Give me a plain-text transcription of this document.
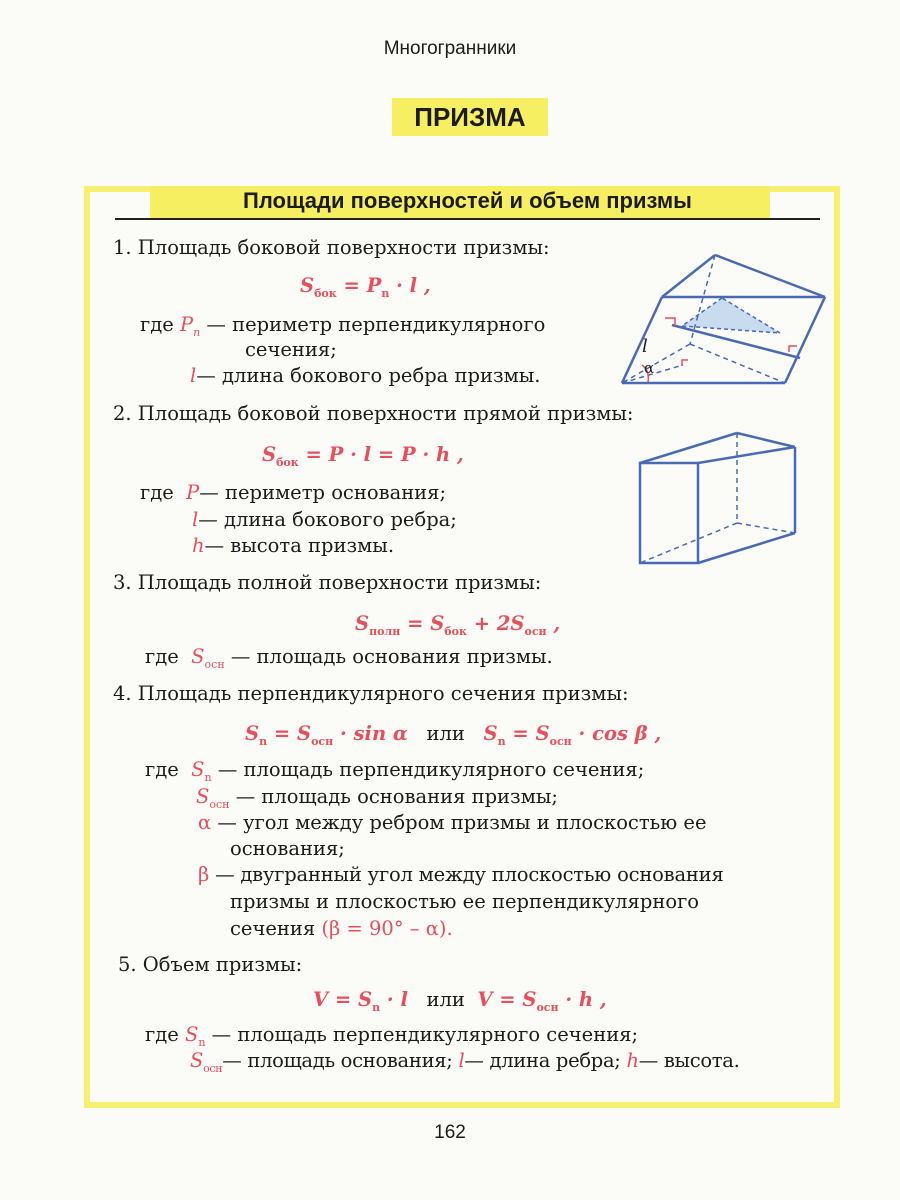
Многогранники
ПРИЗМА
Площади поверхностей и объем призмы
1. Площадь боковой поверхности призмы:
$S_{бок} = P_n \cdot l$ ,
где $P_n$ — периметр перпендикулярного
сечения;
l— длина бокового ребра призмы.
l
α
2. Площадь боковой поверхности прямой призмы:
$S_{бок} = P \cdot l = P \cdot h$ ,
где P— периметр основания;
l— длина бокового ребра;
h— высота призмы.
3. Площадь полной поверхности призмы:
$S_{полн} = S_{бок} + 2S_{осн}$ ,
где $S_{осн}$ — площадь основания призмы.
4. Площадь перпендикулярного сечения призмы:
$S_n = S_{осн} \cdot \sin \alpha$ или $S_n = S_{осн} \cdot \cos \beta$ ,
где $S_n$ — площадь перпендикулярного сечения;
$S_{осн}$ — площадь основания призмы;
α — угол между ребром призмы и плоскостью ее
основания;
β — двугранный угол между плоскостью основания
призмы и плоскостью ее перпендикулярного
сечения (β = 90° – α).
5. Объем призмы:
$V = S_n \cdot l$ или $V = S_{осн} \cdot h$ ,
где $S_n$ — площадь перпендикулярного сечения;
$S_{осн}—$ площадь основания; l— длина ребра; h— высота.
162
